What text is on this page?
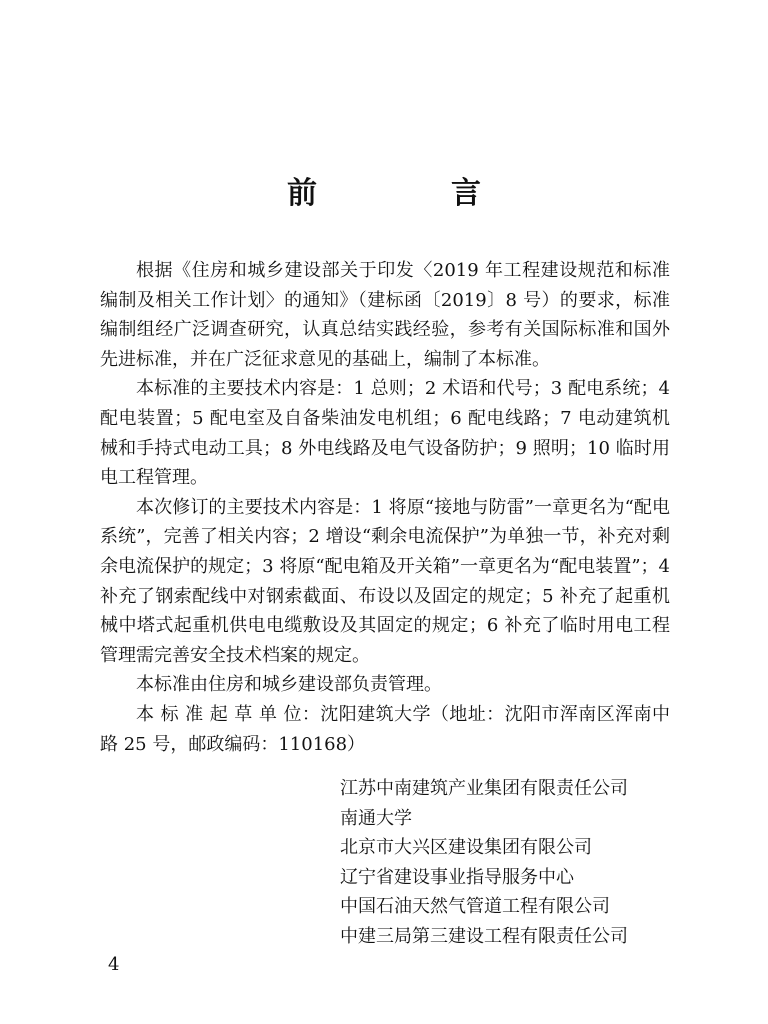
前　言

根据《住房和城乡建设部关于印发〈2019 年工程建设规范和标准编制及相关工作计划〉的通知》（建标函〔2019〕8 号）的要求，标准编制组经广泛调查研究，认真总结实践经验，参考有关国际标准和国外先进标准，并在广泛征求意见的基础上，编制了本标准。

本标准的主要技术内容是：1 总则；2 术语和代号；3 配电系统；4 配电装置；5 配电室及自备柴油发电机组；6 配电线路；7 电动建筑机械和手持式电动工具；8 外电线路及电气设备防护；9 照明；10 临时用电工程管理。

本次修订的主要技术内容是：1 将原“接地与防雷”一章更名为“配电系统”，完善了相关内容；2 增设“剩余电流保护”为单独一节，补充对剩余电流保护的规定；3 将原“配电箱及开关箱”一章更名为“配电装置”；4 补充了钢索配线中对钢索截面、布设以及固定的规定；5 补充了起重机械中塔式起重机供电电缆敷设及其固定的规定；6 补充了临时用电工程管理需完善安全技术档案的规定。

本标准由住房和城乡建设部负责管理。

本 标 准 起 草 单 位：沈阳建筑大学（地址：沈阳市浑南区浑南中路 25 号，邮政编码：110168）

江苏中南建筑产业集团有限责任公司
南通大学
北京市大兴区建设集团有限公司
辽宁省建设事业指导服务中心
中国石油天然气管道工程有限公司
中建三局第三建设工程有限责任公司
4
